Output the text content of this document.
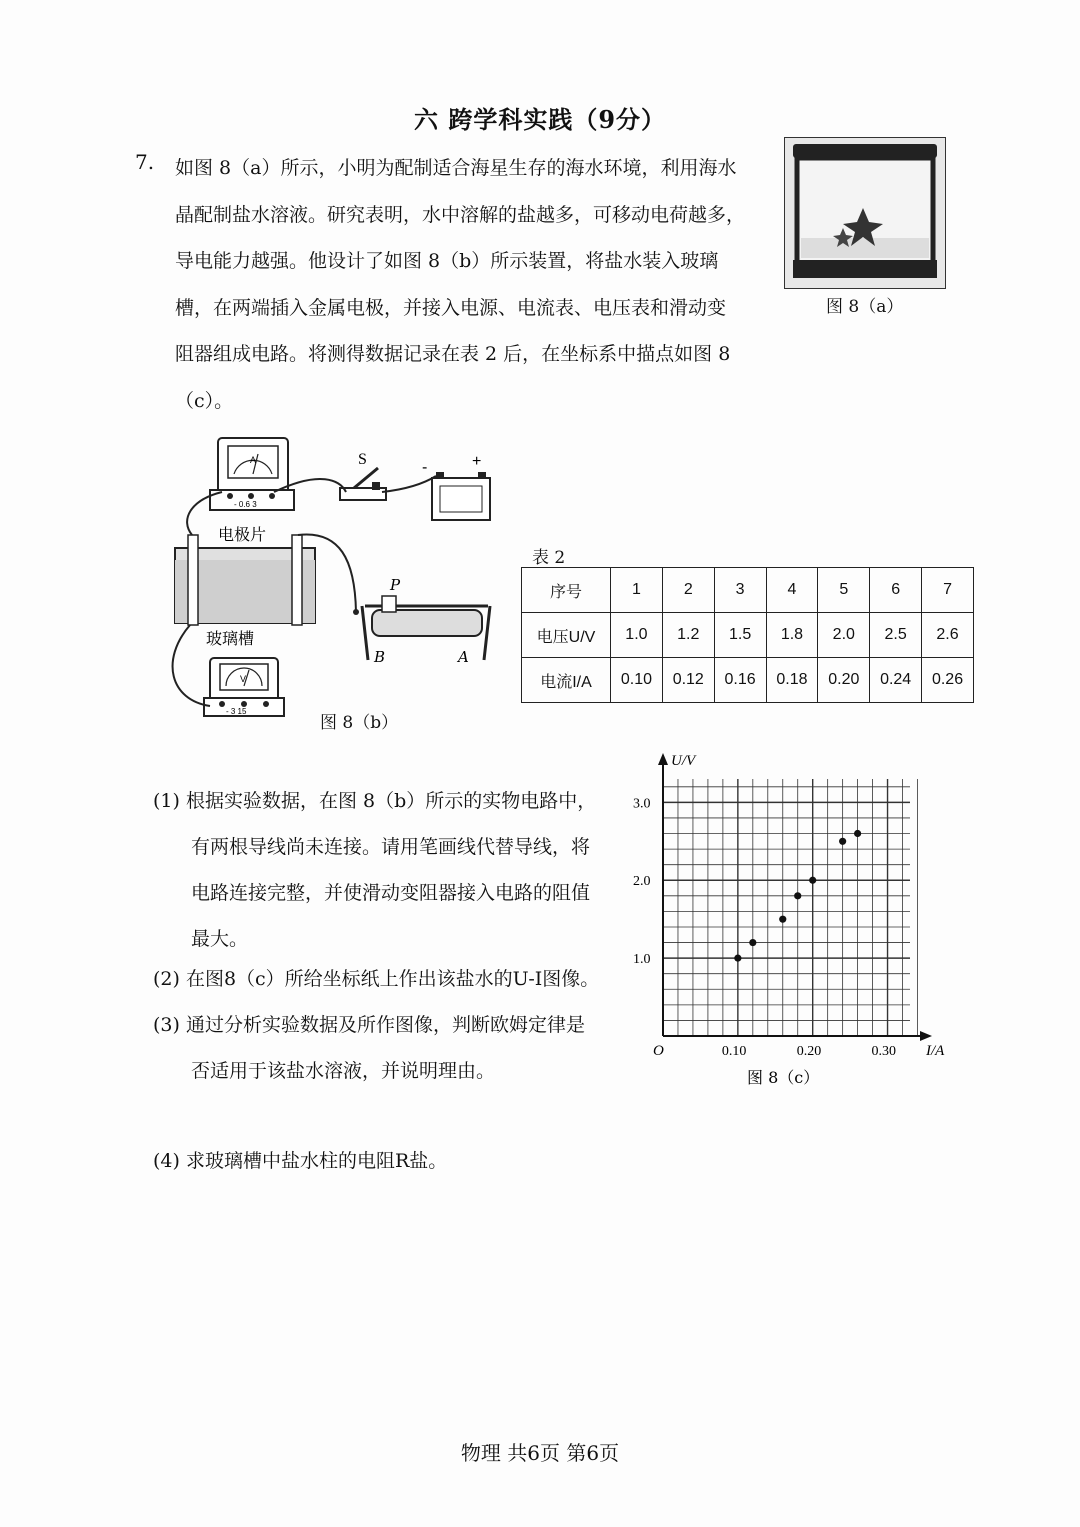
六 跨学科实践（9分）
7. 如图 8（a）所示，小明为配制适合海星生存的海水环境，利用海水

晶配制盐水溶液。研究表明，水中溶解的盐越多，可移动电荷越多，

导电能力越强。他设计了如图 8（b）所示装置，将盐水装入玻璃

槽，在两端插入金属电极，并接入电源、电流表、电压表和滑动变

阻器组成电路。将测得数据记录在表 2 后，在坐标系中描点如图 8

（c）。

图 8（a）
A
- 0.6 3
S	-	+
电极片
玻璃槽
P
B	A
V
- 3 15
图 8（b）
表 2
序号	1	2	3	4	5	6	7
电压U/V	1.0	1.2	1.5	1.8	2.0	2.5	2.6
电流I/A	0.10	0.12	0.16	0.18	0.20	0.24	0.26

(1) 根据实验数据，在图 8（b）所示的实物电路中，

有两根导线尚未连接。请用笔画线代替导线，将

电路连接完整，并使滑动变阻器接入电路的阻值

最大。

(2) 在图8（c）所给坐标纸上作出该盐水的U-I图像。

(3) 通过分析实验数据及所作图像，判断欧姆定律是

否适用于该盐水溶液，并说明理由。

0.10	0.20	0.30
1.0
2.0
3.0
U/V
I/A
O
图 8（c）
(4) 求玻璃槽中盐水柱的电阻R盐。
物理 共6页 第6页
